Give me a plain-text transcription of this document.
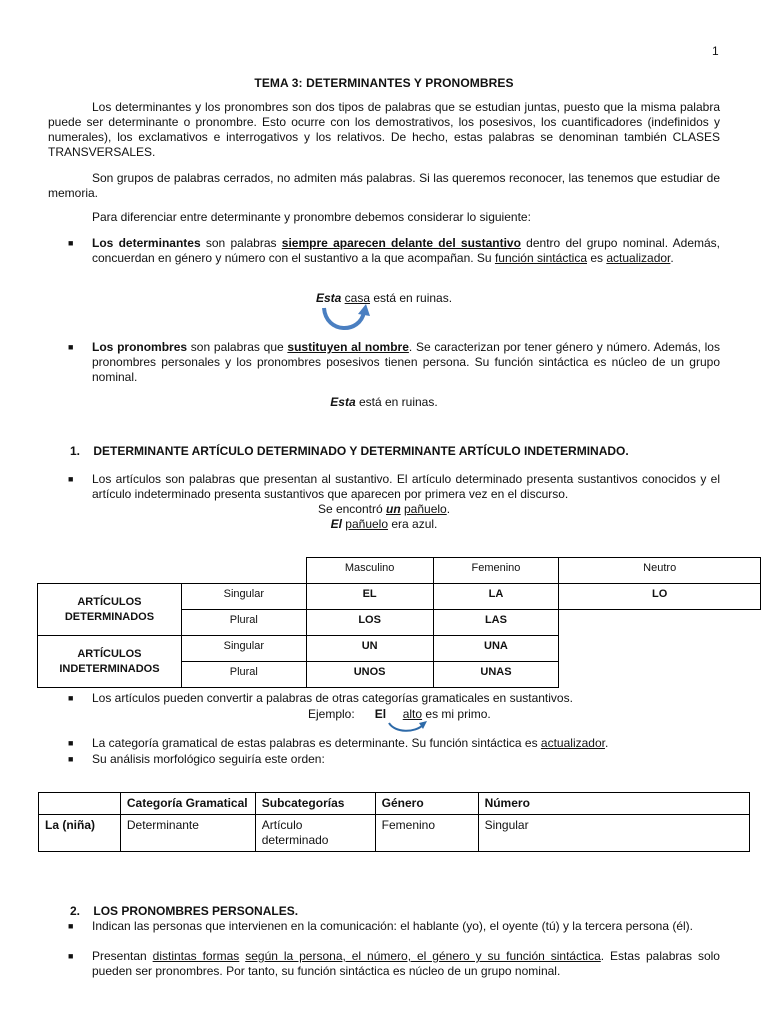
1
TEMA 3: DETERMINANTES Y PRONOMBRES
Los determinantes y los pronombres son dos tipos de palabras que se estudian juntas, puesto que la misma palabra puede ser determinante o pronombre. Esto ocurre con los demostrativos, los posesivos, los cuantificadores (indefinidos y numerales), los exclamativos e interrogativos y los relativos. De hecho, estas palabras se denominan también CLASES TRANSVERSALES.
Son grupos de palabras cerrados, no admiten más palabras. Si las queremos reconocer, las tenemos que estudiar de memoria.
Para diferenciar entre determinante y pronombre debemos considerar lo siguiente:
■ Los determinantes son palabras siempre aparecen delante del sustantivo dentro del grupo nominal. Además, concuerdan en género y número con el sustantivo a la que acompañan. Su función sintáctica es actualizador.
Esta casa está en ruinas.
■ Los pronombres son palabras que sustituyen al nombre. Se caracterizan por tener género y número. Además, los pronombres personales y los pronombres posesivos tienen persona. Su función sintáctica es núcleo de un grupo nominal.
Esta está en ruinas.
1. DETERMINANTE ARTÍCULO DETERMINADO Y DETERMINANTE ARTÍCULO INDETERMINADO.
■ Los artículos son palabras que presentan al sustantivo. El artículo determinado presenta sustantivos conocidos y el artículo indeterminado presenta sustantivos que aparecen por primera vez en el discurso.
Se encontró un pañuelo.
El pañuelo era azul.
		Masculino	Femenino	Neutro
ARTÍCULOS DETERMINADOS	Singular	EL	LA	LO
	Plural	LOS	LAS	
ARTÍCULOS INDETERMINADOS	Singular	UN	UNA	
	Plural	UNOS	UNAS	
■ Los artículos pueden convertir a palabras de otras categorías gramaticales en sustantivos.
Ejemplo: El alto es mi primo.
■ La categoría gramatical de estas palabras es determinante. Su función sintáctica es actualizador.
■ Su análisis morfológico seguiría este orden:
	Categoría Gramatical	Subcategorías	Género	Número
La (niña)	Determinante	Artículo determinado	Femenino	Singular
2. LOS PRONOMBRES PERSONALES.
■ Indican las personas que intervienen en la comunicación: el hablante (yo), el oyente (tú) y la tercera persona (él).
■ Presentan distintas formas según la persona, el número, el género y su función sintáctica. Estas palabras solo pueden ser pronombres. Por tanto, su función sintáctica es núcleo de un grupo nominal.
